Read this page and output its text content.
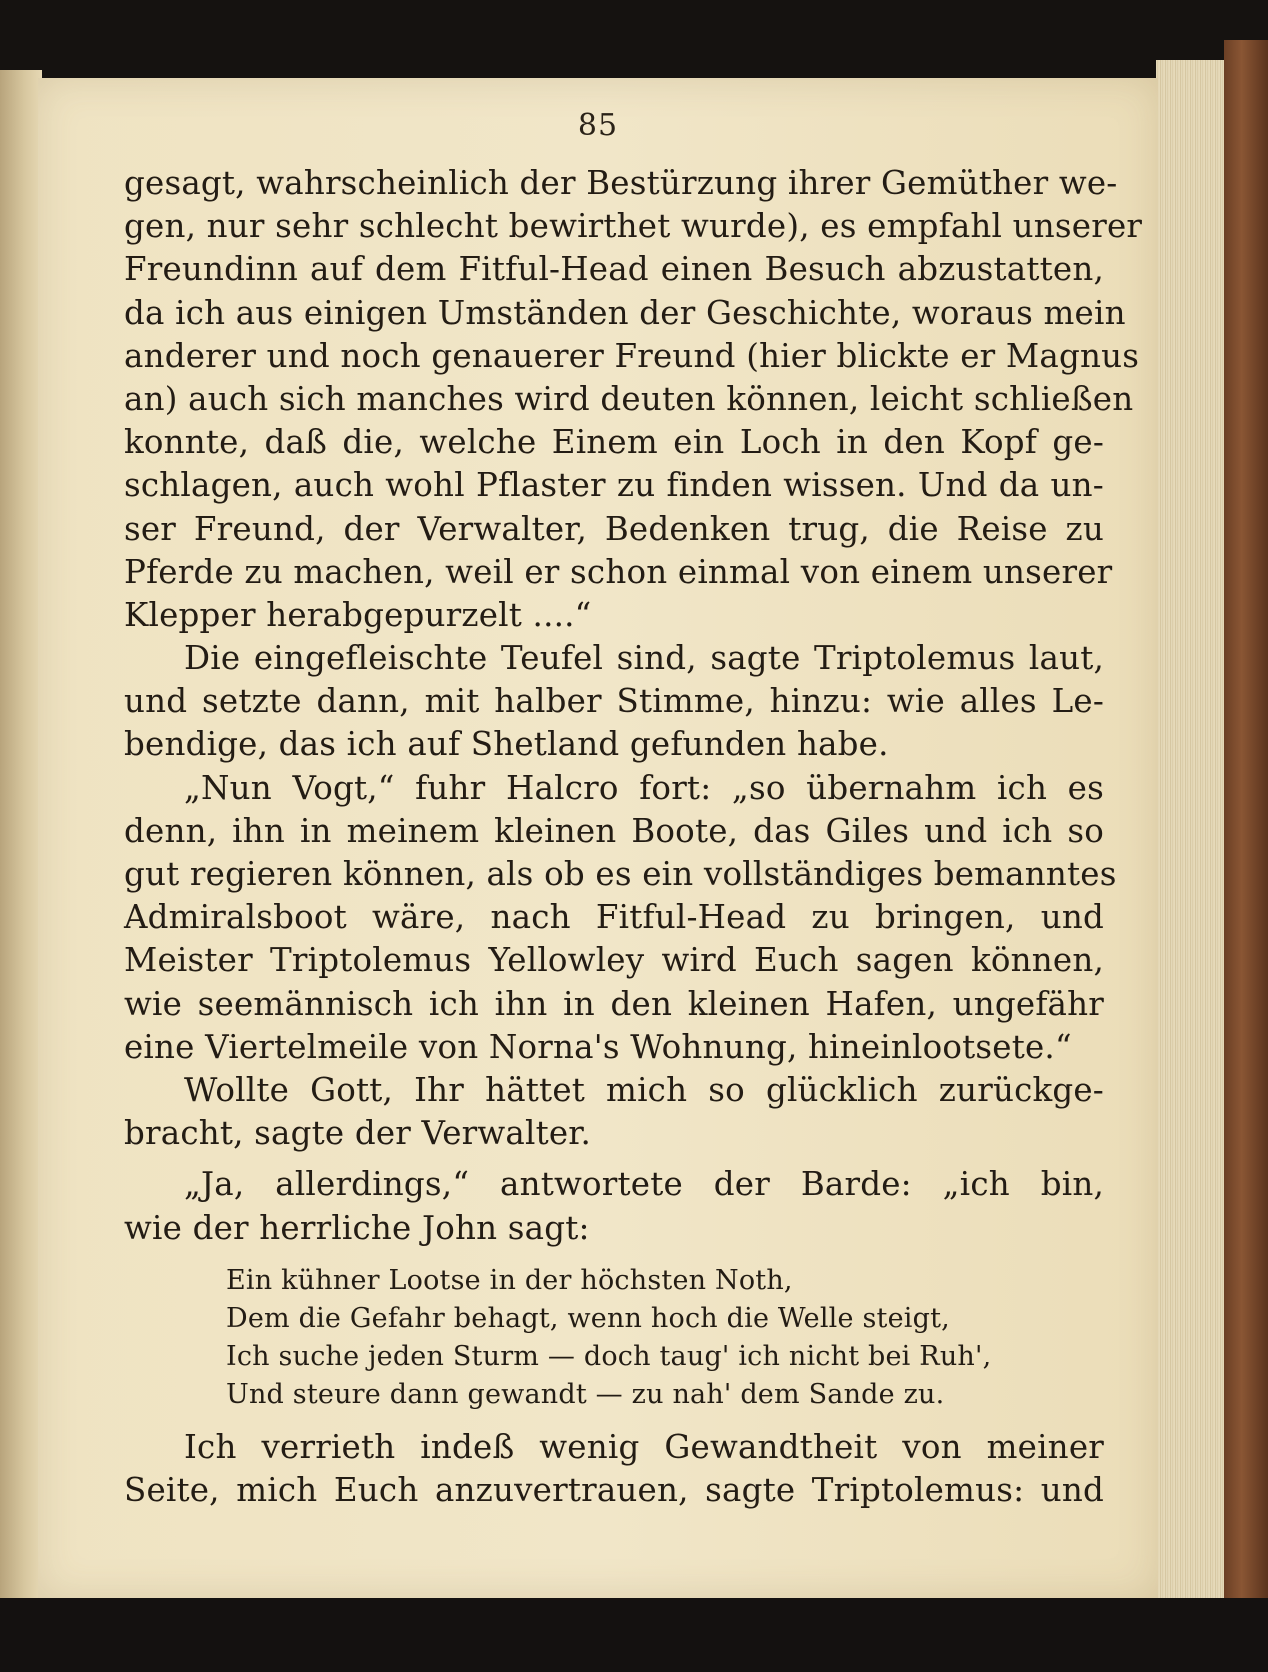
85
gesagt, wahrscheinlich der Bestürzung ihrer Gemüther we-
gen, nur sehr schlecht bewirthet wurde), es empfahl unserer
Freundinn auf dem Fitful-Head einen Besuch abzustatten,
da ich aus einigen Umständen der Geschichte, woraus mein
anderer und noch genauerer Freund (hier blickte er Magnus
an) auch sich manches wird deuten können, leicht schließen
konnte, daß die, welche Einem ein Loch in den Kopf ge-
schlagen, auch wohl Pflaster zu finden wissen. Und da un-
ser Freund, der Verwalter, Bedenken trug, die Reise zu
Pferde zu machen, weil er schon einmal von einem unserer
Klepper herabgepurzelt ....“
Die eingefleischte Teufel sind, sagte Triptolemus laut,
und setzte dann, mit halber Stimme, hinzu: wie alles Le-
bendige, das ich auf Shetland gefunden habe.
„Nun Vogt,“ fuhr Halcro fort: „so übernahm ich es
denn, ihn in meinem kleinen Boote, das Giles und ich so
gut regieren können, als ob es ein vollständiges bemanntes
Admiralsboot wäre, nach Fitful-Head zu bringen, und
Meister Triptolemus Yellowley wird Euch sagen können,
wie seemännisch ich ihn in den kleinen Hafen, ungefähr
eine Viertelmeile von Norna's Wohnung, hineinlootsete.“
Wollte Gott, Ihr hättet mich so glücklich zurückge-
bracht, sagte der Verwalter.
„Ja, allerdings,“ antwortete der Barde: „ich bin,
wie der herrliche John sagt:
Ein kühner Lootse in der höchsten Noth,
Dem die Gefahr behagt, wenn hoch die Welle steigt,
Ich suche jeden Sturm — doch taug' ich nicht bei Ruh',
Und steure dann gewandt — zu nah' dem Sande zu.
Ich verrieth indeß wenig Gewandtheit von meiner
Seite, mich Euch anzuvertrauen, sagte Triptolemus: und
